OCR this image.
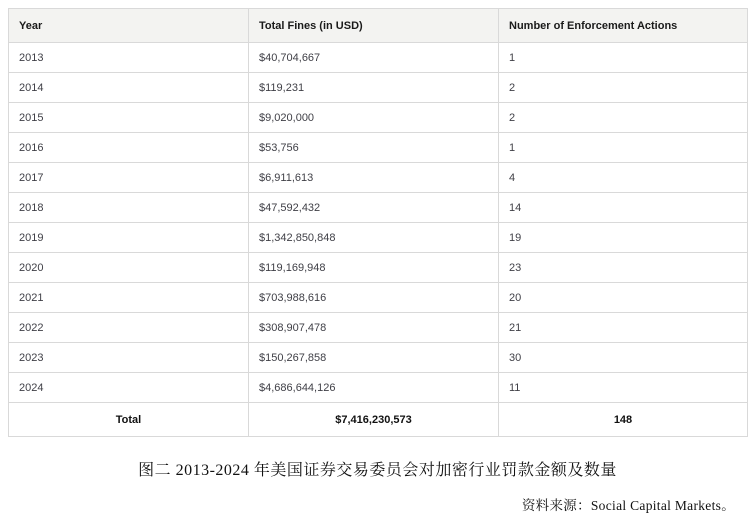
Year	Total Fines (in USD)	Number of Enforcement Actions
2013	$40,704,667	1
2014	$119,231	2
2015	$9,020,000	2
2016	$53,756	1
2017	$6,911,613	4
2018	$47,592,432	14
2019	$1,342,850,848	19
2020	$119,169,948	23
2021	$703,988,616	20
2022	$308,907,478	21
2023	$150,267,858	30
2024	$4,686,644,126	11
Total	$7,416,230,573	148
图二 2013-2024 年美国证券交易委员会对加密行业罚款金额及数量
资料来源：Social Capital Markets。
